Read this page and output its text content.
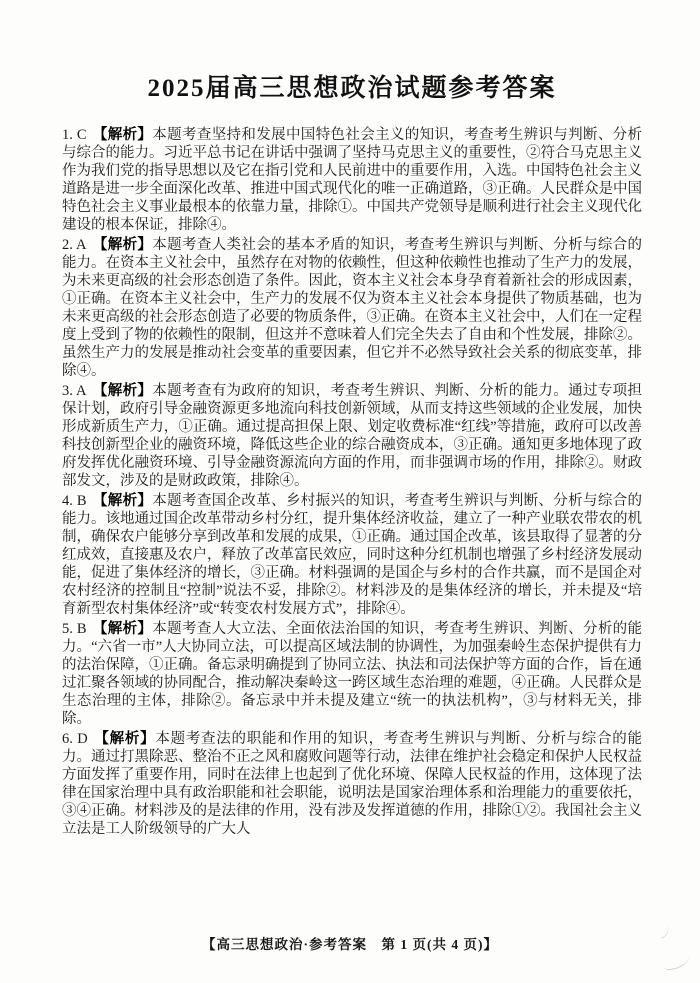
2025届高三思想政治试题参考答案

1. C 【解析】本题考查坚持和发展中国特色社会主义的知识，考查考生辨识与判断、分析与综合的能力。习近平总书记在讲话中强调了坚持马克思主义的重要性，②符合马克思主义作为我们党的指导思想以及它在指引党和人民前进中的重要作用，入选。中国特色社会主义道路是进一步全面深化改革、推进中国式现代化的唯一正确道路，③正确。人民群众是中国特色社会主义事业最根本的依靠力量，排除①。中国共产党领导是顺利进行社会主义现代化建设的根本保证，排除④。

2. A 【解析】本题考查人类社会的基本矛盾的知识，考查考生辨识与判断、分析与综合的能力。在资本主义社会中，虽然存在对物的依赖性，但这种依赖性也推动了生产力的发展，为未来更高级的社会形态创造了条件。因此，资本主义社会本身孕育着新社会的形成因素，①正确。在资本主义社会中，生产力的发展不仅为资本主义社会本身提供了物质基础，也为未来更高级的社会形态创造了必要的物质条件，③正确。在资本主义社会中，人们在一定程度上受到了物的依赖性的限制，但这并不意味着人们完全失去了自由和个性发展，排除②。虽然生产力的发展是推动社会变革的重要因素，但它并不必然导致社会关系的彻底变革，排除④。

3. A 【解析】本题考查有为政府的知识，考查考生辨识、判断、分析的能力。通过专项担保计划，政府引导金融资源更多地流向科技创新领域，从而支持这些领域的企业发展，加快形成新质生产力，①正确。通过提高担保上限、划定收费标准“红线”等措施，政府可以改善科技创新型企业的融资环境，降低这些企业的综合融资成本，③正确。通知更多地体现了政府发挥优化融资环境、引导金融资源流向方面的作用，而非强调市场的作用，排除②。财政部发文，涉及的是财政政策，排除④。

4. B 【解析】本题考查国企改革、乡村振兴的知识，考查考生辨识与判断、分析与综合的能力。该地通过国企改革带动乡村分红，提升集体经济收益，建立了一种产业联农带农的机制，确保农户能够分享到改革和发展的成果，①正确。通过国企改革，该县取得了显著的分红成效，直接惠及农户，释放了改革富民效应，同时这种分红机制也增强了乡村经济发展动能，促进了集体经济的增长，③正确。材料强调的是国企与乡村的合作共赢，而不是国企对农村经济的控制且“控制”说法不妥，排除②。材料涉及的是集体经济的增长，并未提及“培育新型农村集体经济”或“转变农村发展方式”，排除④。

5. B 【解析】本题考查人大立法、全面依法治国的知识，考查考生辨识、判断、分析的能力。“六省一市”人大协同立法，可以提高区域法制的协调性，为加强秦岭生态保护提供有力的法治保障，①正确。备忘录明确提到了协同立法、执法和司法保护等方面的合作，旨在通过汇聚各领域的协同配合，推动解决秦岭这一跨区域生态治理的难题，④正确。人民群众是生态治理的主体，排除②。备忘录中并未提及建立“统一的执法机构”，③与材料无关，排除。

6. D 【解析】本题考查法的职能和作用的知识，考查考生辨识与判断、分析与综合的能力。通过打黑除恶、整治不正之风和腐败问题等行动，法律在维护社会稳定和保护人民权益方面发挥了重要作用，同时在法律上也起到了优化环境、保障人民权益的作用，这体现了法律在国家治理中具有政治职能和社会职能，说明法是国家治理体系和治理能力的重要依托，③④正确。材料涉及的是法律的作用，没有涉及发挥道德的作用，排除①②。我国社会主义立法是工人阶级领导的广大人

【高三思想政治·参考答案　第 1 页(共 4 页)】
